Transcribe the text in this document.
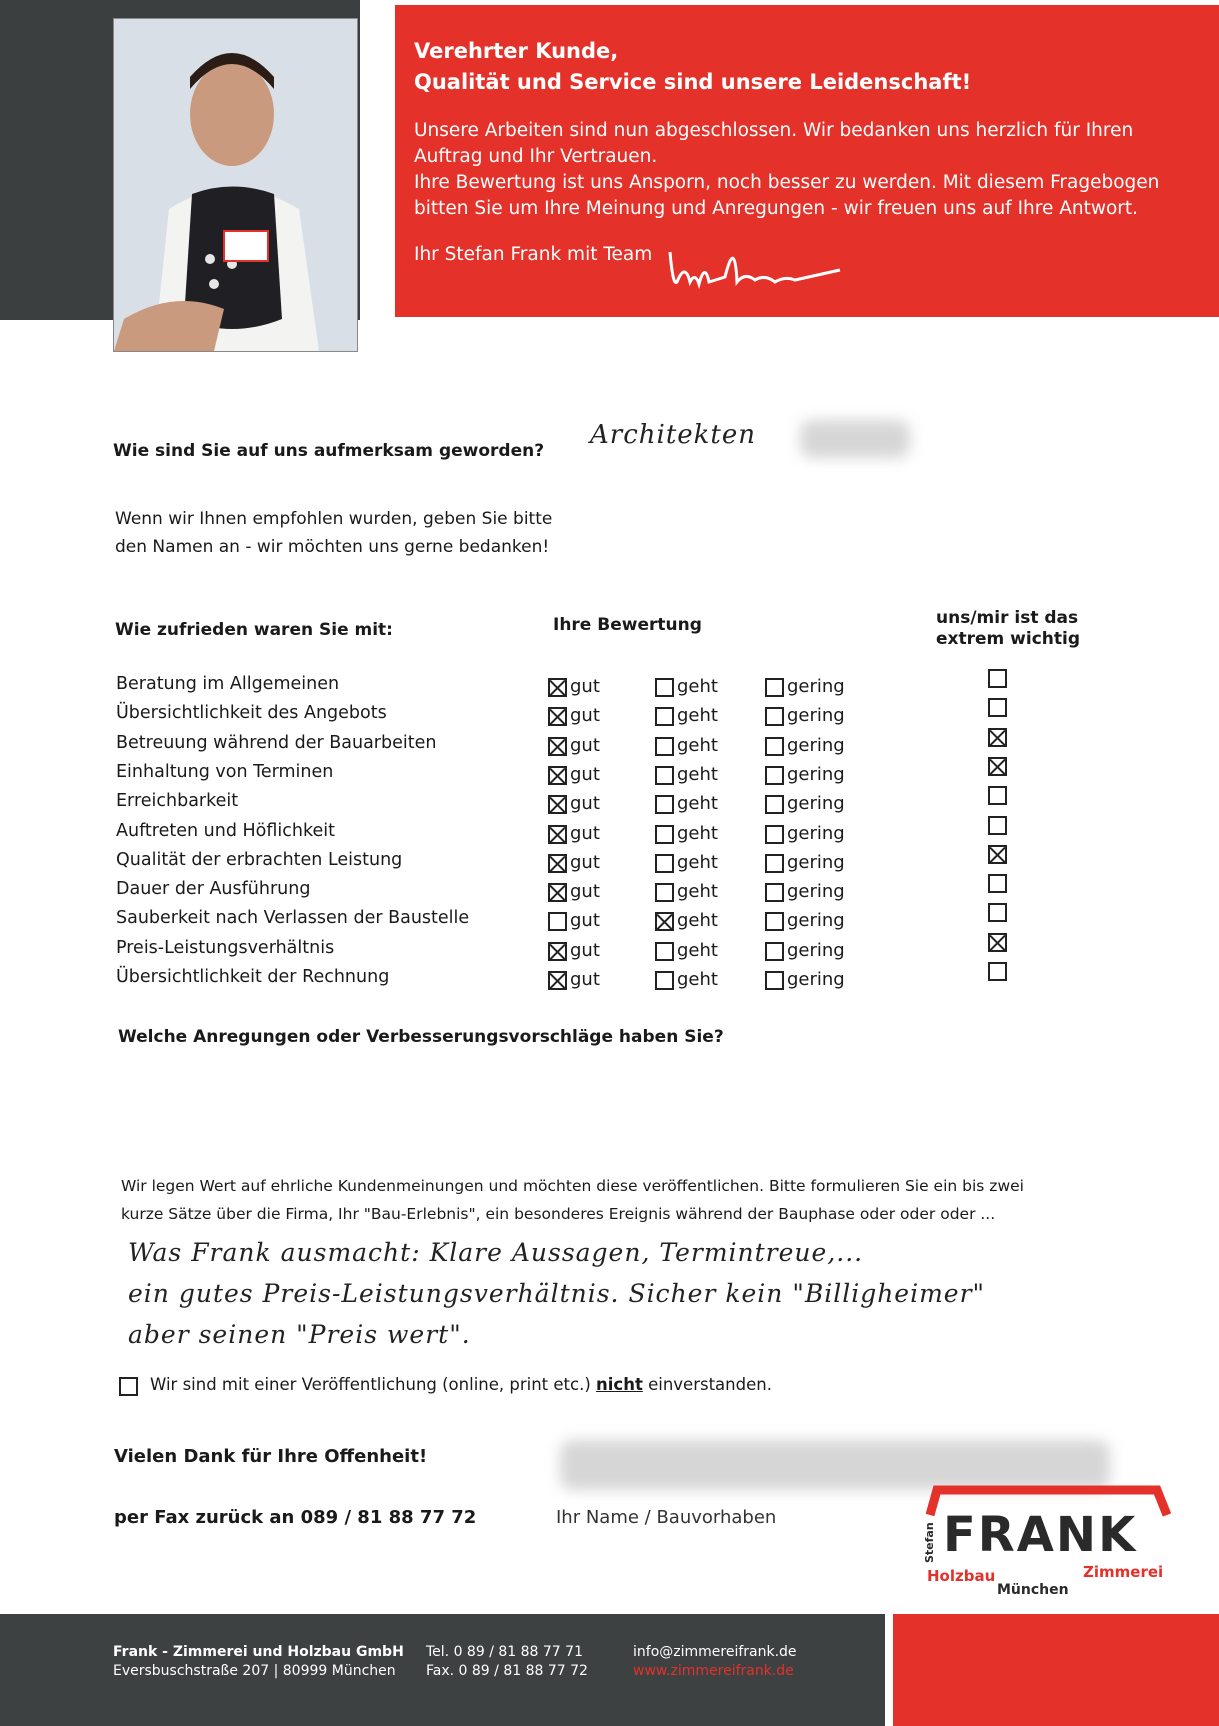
Verehrter Kunde,
Qualität und Service sind unsere Leidenschaft!
Unsere Arbeiten sind nun abgeschlossen. Wir bedanken uns herzlich für Ihren
Auftrag und Ihr Vertrauen.
Ihre Bewertung ist uns Ansporn, noch besser zu werden. Mit diesem Fragebogen
bitten Sie um Ihre Meinung und Anregungen - wir freuen uns auf Ihre Antwort.
Ihr Stefan Frank mit Team
Wie sind Sie auf uns aufmerksam geworden?
Architekten
Wenn wir Ihnen empfohlen wurden, geben Sie bitte
den Namen an - wir möchten uns gerne bedanken!
Wie zufrieden waren Sie mit:	Ihre Bewertung	uns/mir ist das
extrem wichtig
Beratung im Allgemeinen	gut	geht	gering
Übersichtlichkeit des Angebots	gut	geht	gering
Betreuung während der Bauarbeiten	gut	geht	gering
Einhaltung von Terminen	gut	geht	gering
Erreichbarkeit	gut	geht	gering
Auftreten und Höflichkeit	gut	geht	gering
Qualität der erbrachten Leistung	gut	geht	gering
Dauer der Ausführung	gut	geht	gering
Sauberkeit nach Verlassen der Baustelle	gut	geht	gering
Preis-Leistungsverhältnis	gut	geht	gering
Übersichtlichkeit der Rechnung	gut	geht	gering
Welche Anregungen oder Verbesserungsvorschläge haben Sie?
Wir legen Wert auf ehrliche Kundenmeinungen und möchten diese veröffentlichen. Bitte formulieren Sie ein bis zwei
kurze Sätze über die Firma, Ihr "Bau-Erlebnis", ein besonderes Ereignis während der Bauphase oder oder oder ...
Was Frank ausmacht: Klare Aussagen, Termintreue,...
ein gutes Preis-Leistungsverhältnis. Sicher kein "Billigheimer"
aber seinen "Preis wert".
Wir sind mit einer Veröffentlichung (online, print etc.) nicht einverstanden.
Vielen Dank für Ihre Offenheit!
per Fax zurück an 089 / 81 88 77 72	Ihr Name / Bauvorhaben
Stefan FRANK
Holzbau	Zimmerei
München
Frank - Zimmerei und Holzbau GmbH
Eversbuschstraße 207 | 80999 München
Tel. 0 89 / 81 88 77 71
Fax. 0 89 / 81 88 77 72
info@zimmereifrank.de
www.zimmereifrank.de
